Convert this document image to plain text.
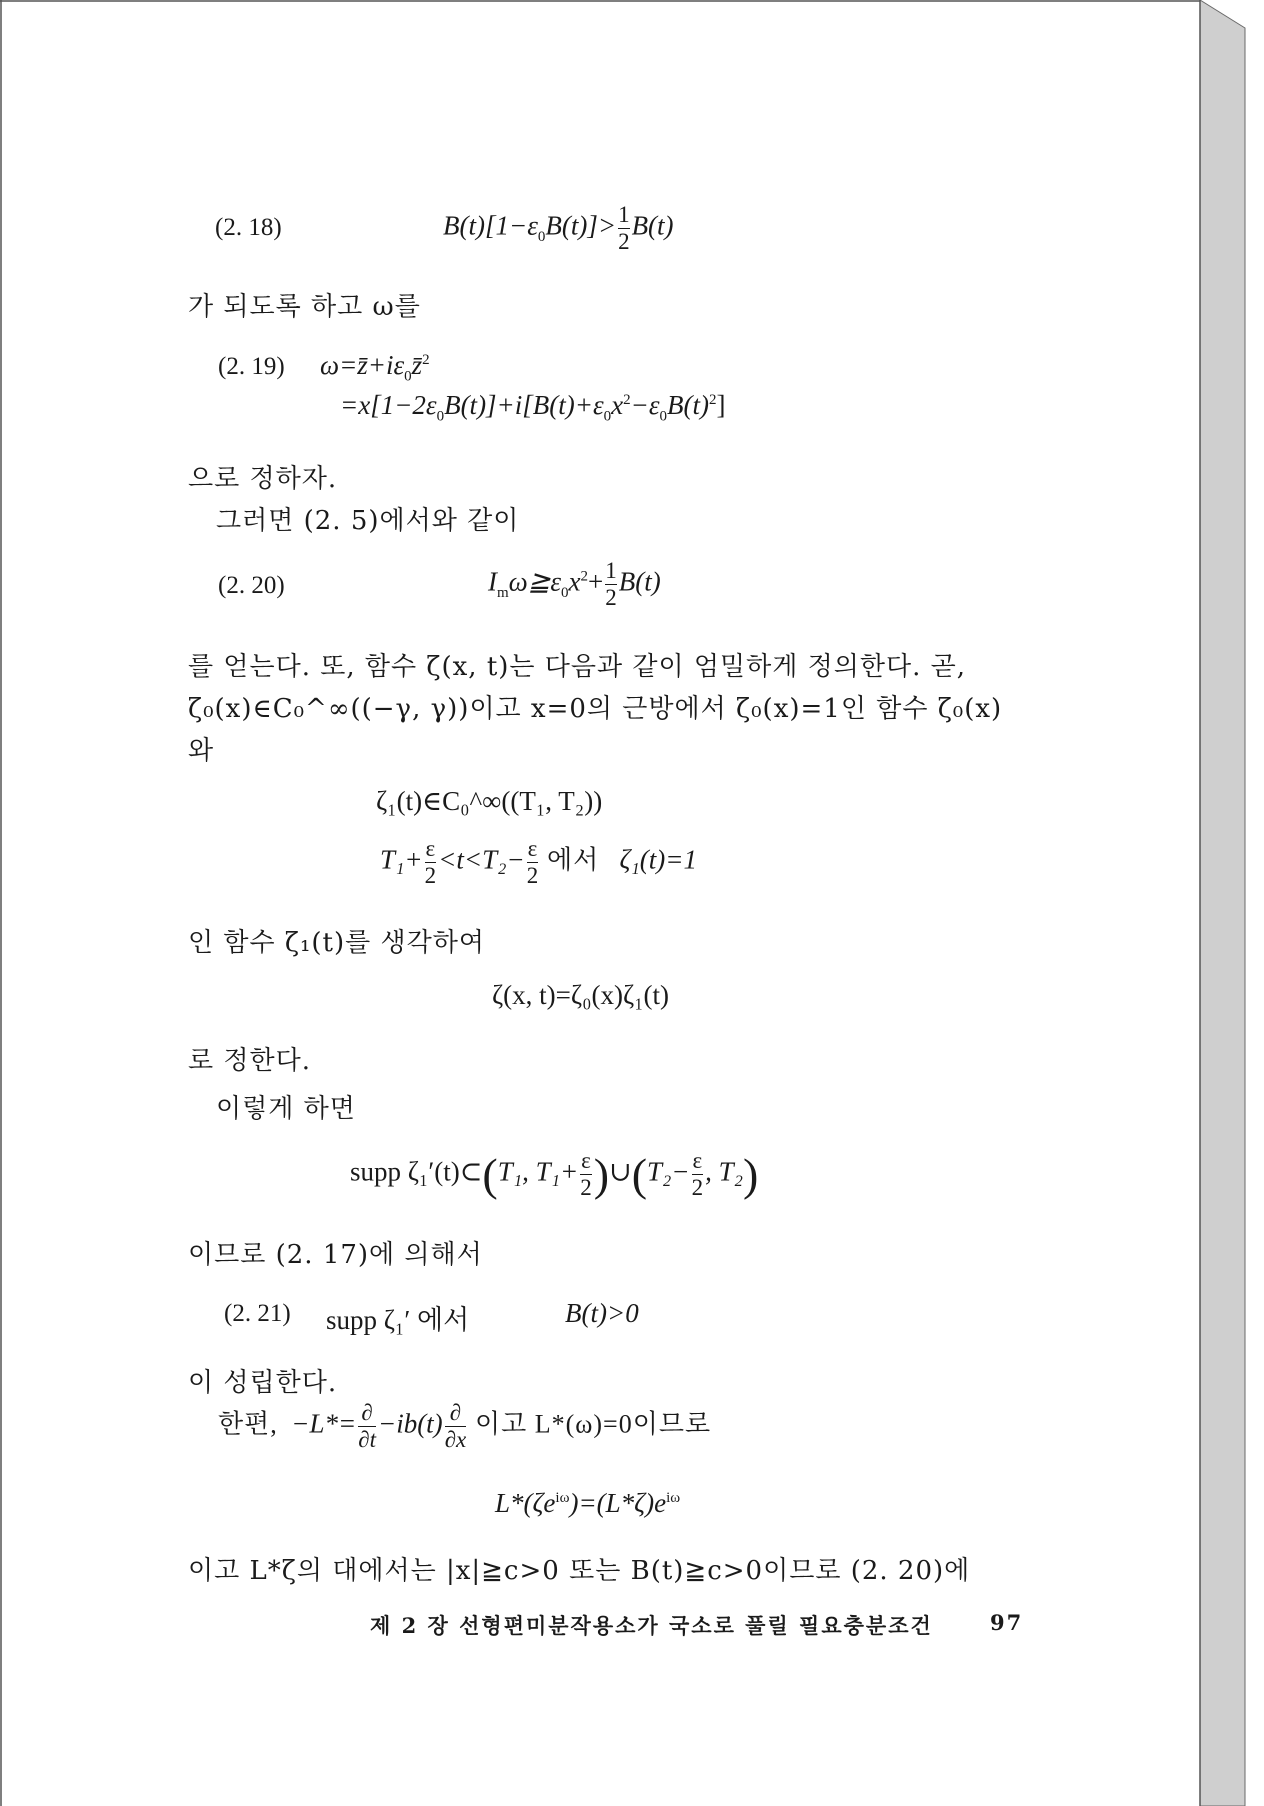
(2. 18)	$B(t)[1-\varepsilon_0B(t)]> \frac{1}{2} B(t)$
가 되도록 하고 ω를
(2. 19) $\omega=z̄+i\varepsilon_0z̄^2$
$=x[1-2\varepsilon_0B(t)]+i[B(t)+\varepsilon_0x^2-\varepsilon_0B(t)^2]$
으로 정하자.
그러면 (2. 5)에서와 같이
(2. 20)	$I_m\omega≧\varepsilon_0x^2+ \frac{1}{2} B(t)$
를 얻는다. 또, 함수 ζ(x, t)는 다음과 같이 엄밀하게 정의한다. 곧,
ζ₀(x)∈C₀^∞((−γ, γ))이고 x=0의 근방에서 ζ₀(x)=1인 함수 ζ₀(x)
와
ζ₁(t)∈C₀^∞((T₁, T₂))
$T_1+ \frac{\varepsilon}{2} <t<T_2- \frac{\varepsilon}{2}$ 에서 ζ₁(t)=1
인 함수 ζ₁(t)를 생각하여
ζ(x, t)=ζ₀(x)ζ₁(t)
로 정한다.
이렇게 하면
supp ζ₁′(t)⊂(T₁, $T_1+ \frac{\varepsilon}{2}$ )∪(T₂− $\frac{\varepsilon}{2}$ , T₂)
이므로 (2. 17)에 의해서
(2. 21) supp ζ₁′ 에서	B(t)>0
이 성립한다.
한편, $-L*= \frac{\partial}{\partial t}-ib(t) \frac{\partial}{\partial x}$ 이고 L*(ω)=0이므로
$L*(\zeta e^{i\omega})=(L*\zeta)e^{i\omega}$
이고 L*ζ의 대에서는 |x|≧c>0 또는 B(t)≧c>0이므로 (2. 20)에
제 2 장 선형편미분작용소가 국소로 풀릴 필요충분조건	97
